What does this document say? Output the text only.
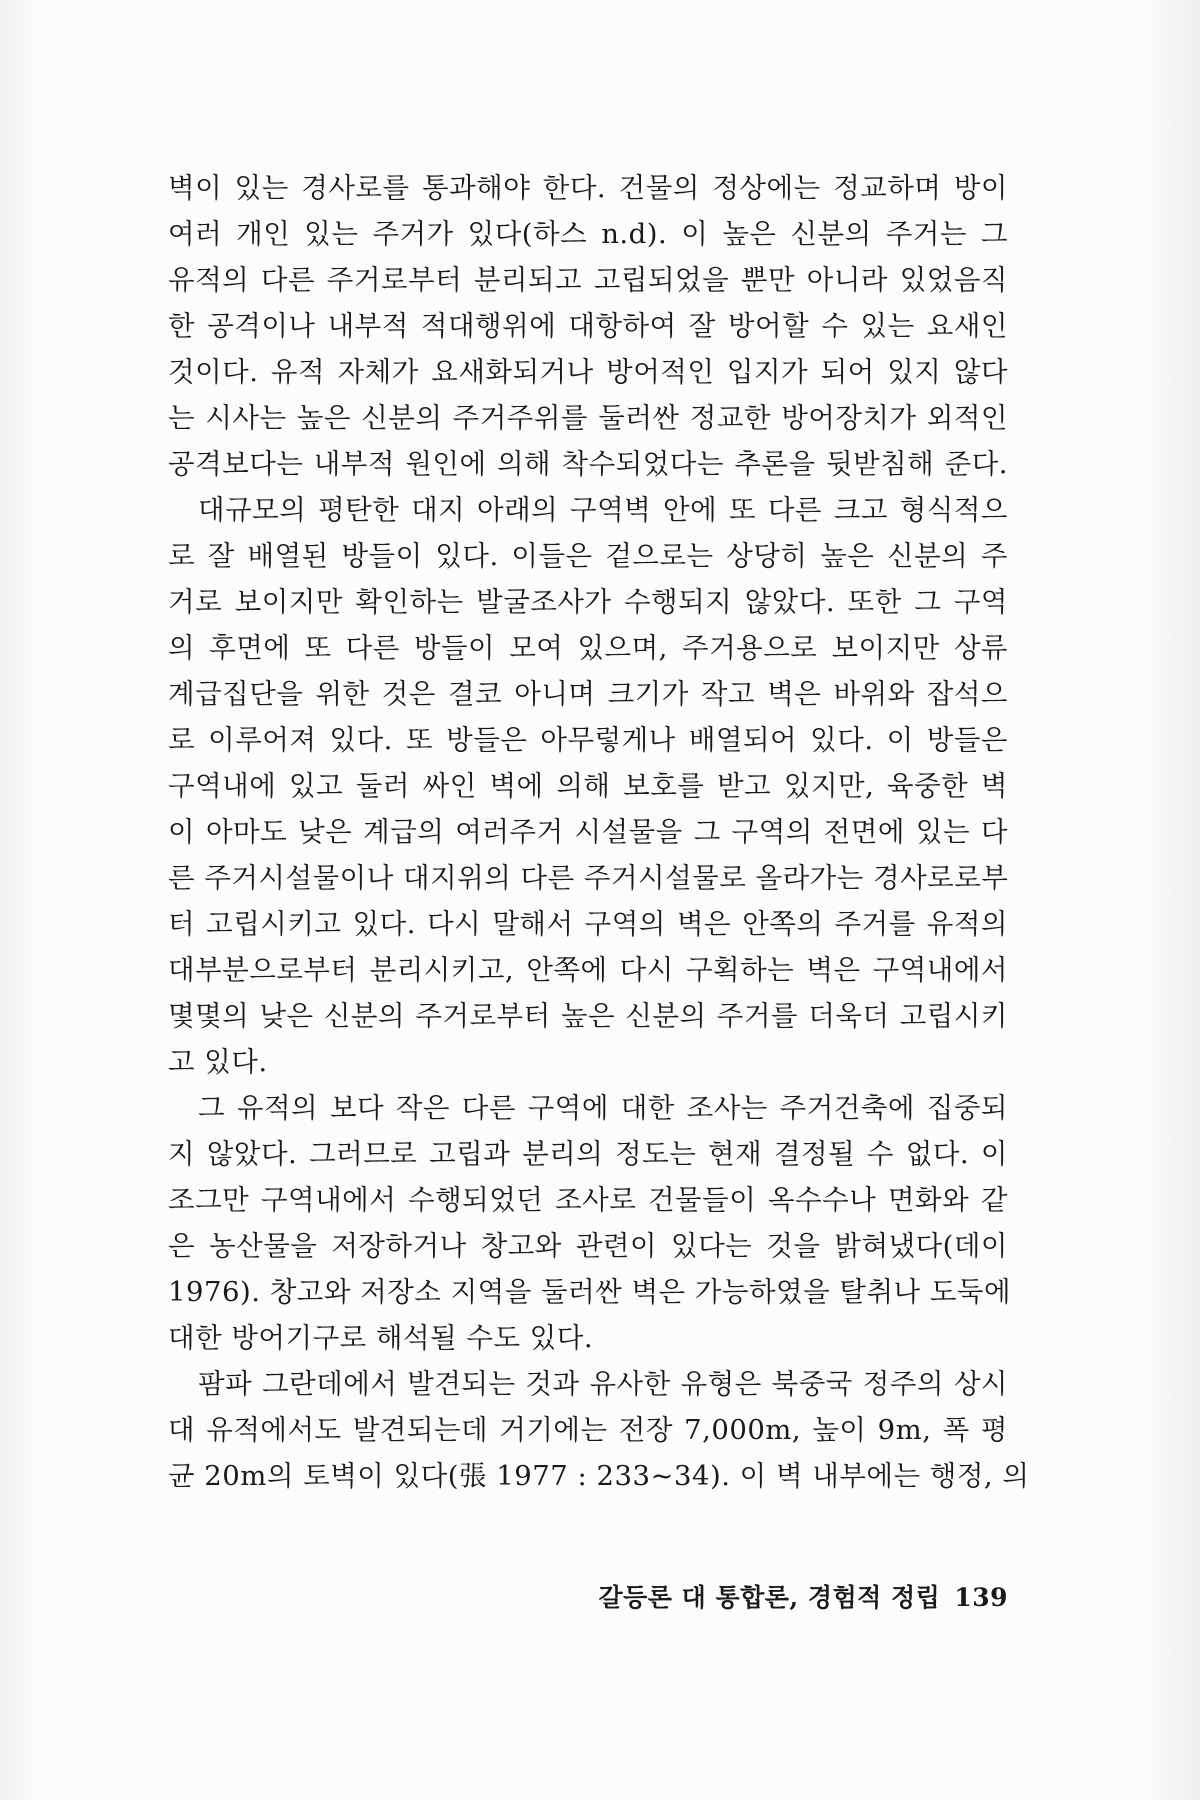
벽이 있는 경사로를 통과해야 한다. 건물의 정상에는 정교하며 방이
여러 개인 있는 주거가 있다(하스 n.d). 이 높은 신분의 주거는 그
유적의 다른 주거로부터 분리되고 고립되었을 뿐만 아니라 있었음직
한 공격이나 내부적 적대행위에 대항하여 잘 방어할 수 있는 요새인
것이다. 유적 자체가 요새화되거나 방어적인 입지가 되어 있지 않다
는 시사는 높은 신분의 주거주위를 둘러싼 정교한 방어장치가 외적인
공격보다는 내부적 원인에 의해 착수되었다는 추론을 뒷받침해 준다.
대규모의 평탄한 대지 아래의 구역벽 안에 또 다른 크고 형식적으
로 잘 배열된 방들이 있다. 이들은 겉으로는 상당히 높은 신분의 주
거로 보이지만 확인하는 발굴조사가 수행되지 않았다. 또한 그 구역
의 후면에 또 다른 방들이 모여 있으며, 주거용으로 보이지만 상류
계급집단을 위한 것은 결코 아니며 크기가 작고 벽은 바위와 잡석으
로 이루어져 있다. 또 방들은 아무렇게나 배열되어 있다. 이 방들은
구역내에 있고 둘러 싸인 벽에 의해 보호를 받고 있지만, 육중한 벽
이 아마도 낮은 계급의 여러주거 시설물을 그 구역의 전면에 있는 다
른 주거시설물이나 대지위의 다른 주거시설물로 올라가는 경사로로부
터 고립시키고 있다. 다시 말해서 구역의 벽은 안쪽의 주거를 유적의
대부분으로부터 분리시키고, 안쪽에 다시 구획하는 벽은 구역내에서
몇몇의 낮은 신분의 주거로부터 높은 신분의 주거를 더욱더 고립시키
고 있다.
그 유적의 보다 작은 다른 구역에 대한 조사는 주거건축에 집중되
지 않았다. 그러므로 고립과 분리의 정도는 현재 결정될 수 없다. 이
조그만 구역내에서 수행되었던 조사로 건물들이 옥수수나 면화와 같
은 농산물을 저장하거나 창고와 관련이 있다는 것을 밝혀냈다(데이
1976). 창고와 저장소 지역을 둘러싼 벽은 가능하였을 탈취나 도둑에
대한 방어기구로 해석될 수도 있다.
팜파 그란데에서 발견되는 것과 유사한 유형은 북중국 정주의 상시
대 유적에서도 발견되는데 거기에는 전장 7,000m, 높이 9m, 폭 평
균 20m의 토벽이 있다(張 1977 : 233~34). 이 벽 내부에는 행정, 의
갈등론 대 통합론, 경험적 정립 139
